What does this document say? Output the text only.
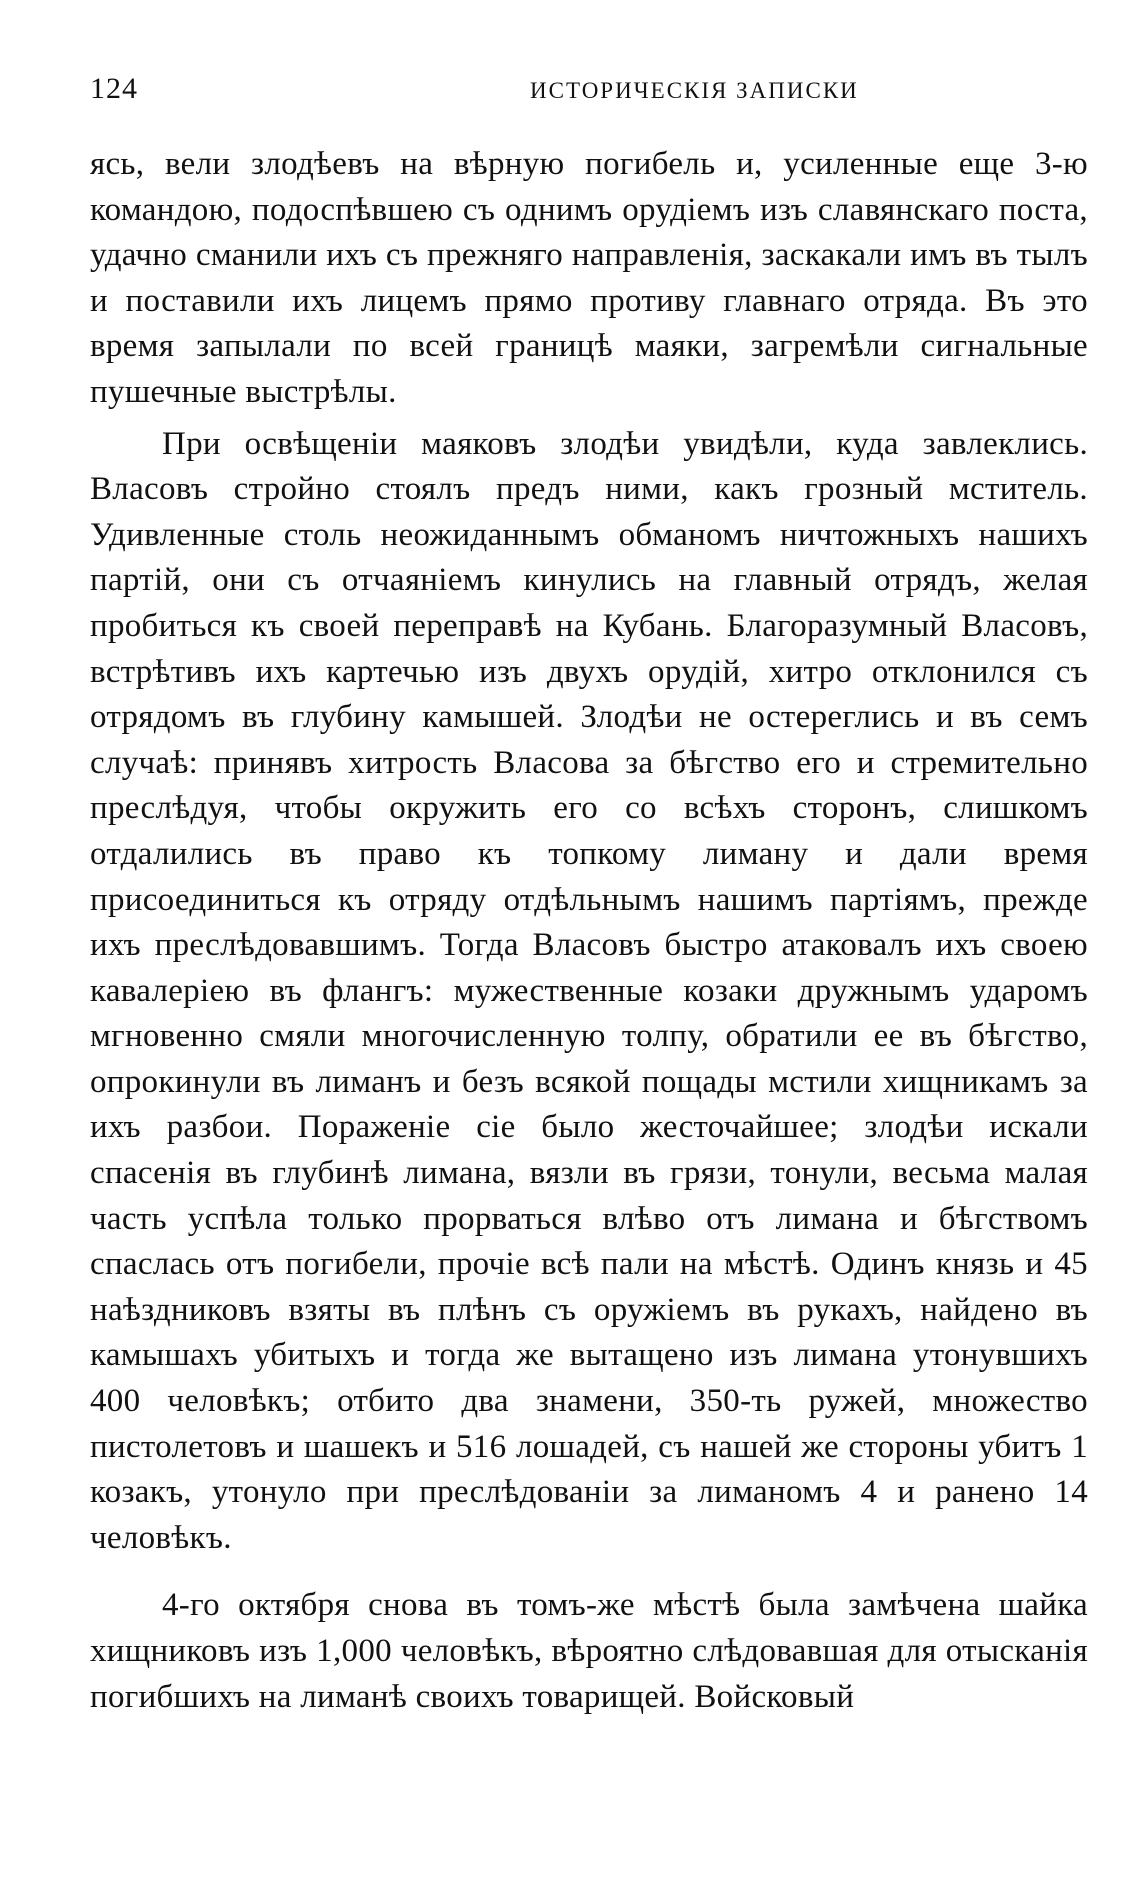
124	ИСТОРИЧЕСКІЯ ЗАПИСКИ

ясь, вели злодѣевъ на вѣрную погибель и, усиленные еще 3-ю командою, подоспѣвшею съ однимъ орудіемъ изъ славянскаго поста, удачно сманили ихъ съ прежняго направленія, заскакали имъ въ тылъ и поставили ихъ лицемъ прямо противу главнаго отряда. Въ это время запылали по всей границѣ маяки, загремѣли сигнальные пушечные выстрѣлы.

При освѣщеніи маяковъ злодѣи увидѣли, куда завлеклись. Власовъ стройно стоялъ предъ ними, какъ грозный мститель. Удивленные столь неожиданнымъ обманомъ ничтожныхъ нашихъ партій, они съ отчаяніемъ кинулись на главный отрядъ, желая пробиться къ своей переправѣ на Кубань. Благоразумный Власовъ, встрѣтивъ ихъ картечью изъ двухъ орудій, хитро отклонился съ отрядомъ въ глубину камышей. Злодѣи не остереглись и въ семъ случаѣ: принявъ хитрость Власова за бѣгство его и стремительно преслѣдуя, чтобы окружить его со всѣхъ сторонъ, слишкомъ отдалились въ право къ топкому лиману и дали время присоединиться къ отряду отдѣльнымъ нашимъ партіямъ, прежде ихъ преслѣдовавшимъ. Тогда Власовъ быстро атаковалъ ихъ своею кавалеріею въ флангъ: мужественные козаки дружнымъ ударомъ мгновенно смяли многочисленную толпу, обратили ее въ бѣгство, опрокинули въ лиманъ и безъ всякой пощады мстили хищникамъ за ихъ разбои. Пораженіе сіе было жесточайшее; злодѣи искали спасенія въ глубинѣ лимана, вязли въ грязи, тонули, весьма малая часть успѣла только прорваться влѣво отъ лимана и бѣгствомъ спаслась отъ погибели, прочіе всѣ пали на мѣстѣ. Одинъ князь и 45 наѣздниковъ взяты въ плѣнъ съ оружіемъ въ рукахъ, найдено въ камышахъ убитыхъ и тогда же вытащено изъ лимана утонувшихъ 400 человѣкъ; отбито два знамени, 350-ть ружей, множество пистолетовъ и шашекъ и 516 лошадей, съ нашей же стороны убитъ 1 козакъ, утонуло при преслѣдованіи за лиманомъ 4 и ранено 14 человѣкъ.

4-го октября снова въ томъ-же мѣстѣ была замѣчена шайка хищниковъ изъ 1,000 человѣкъ, вѣроятно слѣдовавшая для отысканія погибшихъ на лиманѣ своихъ товарищей. Войсковый
